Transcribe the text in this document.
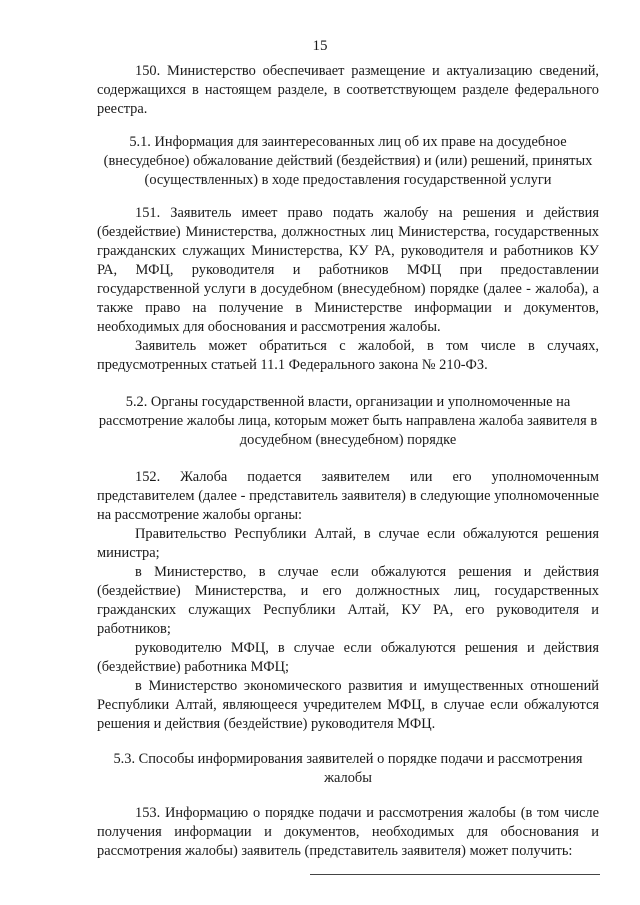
15

150. Министерство обеспечивает размещение и актуализацию сведений, содержащихся в настоящем разделе, в соответствующем разделе федерального реестра.

5.1. Информация для заинтересованных лиц об их праве на досудебное (внесудебное) обжалование действий (бездействия) и (или) решений, принятых (осуществленных) в ходе предоставления государственной услуги

151. Заявитель имеет право подать жалобу на решения и действия (бездействие) Министерства, должностных лиц Министерства, государственных гражданских служащих Министерства, КУ РА, руководителя и работников КУ РА, МФЦ, руководителя и работников МФЦ при предоставлении государственной услуги в досудебном (внесудебном) порядке (далее - жалоба), а также право на получение в Министерстве информации и документов, необходимых для обоснования и рассмотрения жалобы.

Заявитель может обратиться с жалобой, в том числе в случаях, предусмотренных статьей 11.1 Федерального закона № 210-ФЗ.

5.2. Органы государственной власти, организации и уполномоченные на рассмотрение жалобы лица, которым может быть направлена жалоба заявителя в досудебном (внесудебном) порядке

152. Жалоба подается заявителем или его уполномоченным представителем (далее - представитель заявителя) в следующие уполномоченные на рассмотрение жалобы органы:

Правительство Республики Алтай, в случае если обжалуются решения министра;

в Министерство, в случае если обжалуются решения и действия (бездействие) Министерства, и его должностных лиц, государственных гражданских служащих Республики Алтай, КУ РА, его руководителя и работников;

руководителю МФЦ, в случае если обжалуются решения и действия (бездействие) работника МФЦ;

в Министерство экономического развития и имущественных отношений Республики Алтай, являющееся учредителем МФЦ, в случае если обжалуются решения и действия (бездействие) руководителя МФЦ.

5.3. Способы информирования заявителей о порядке подачи и рассмотрения жалобы

153. Информацию о порядке подачи и рассмотрения жалобы (в том числе получения информации и документов, необходимых для обоснования и рассмотрения жалобы) заявитель (представитель заявителя) может получить:
